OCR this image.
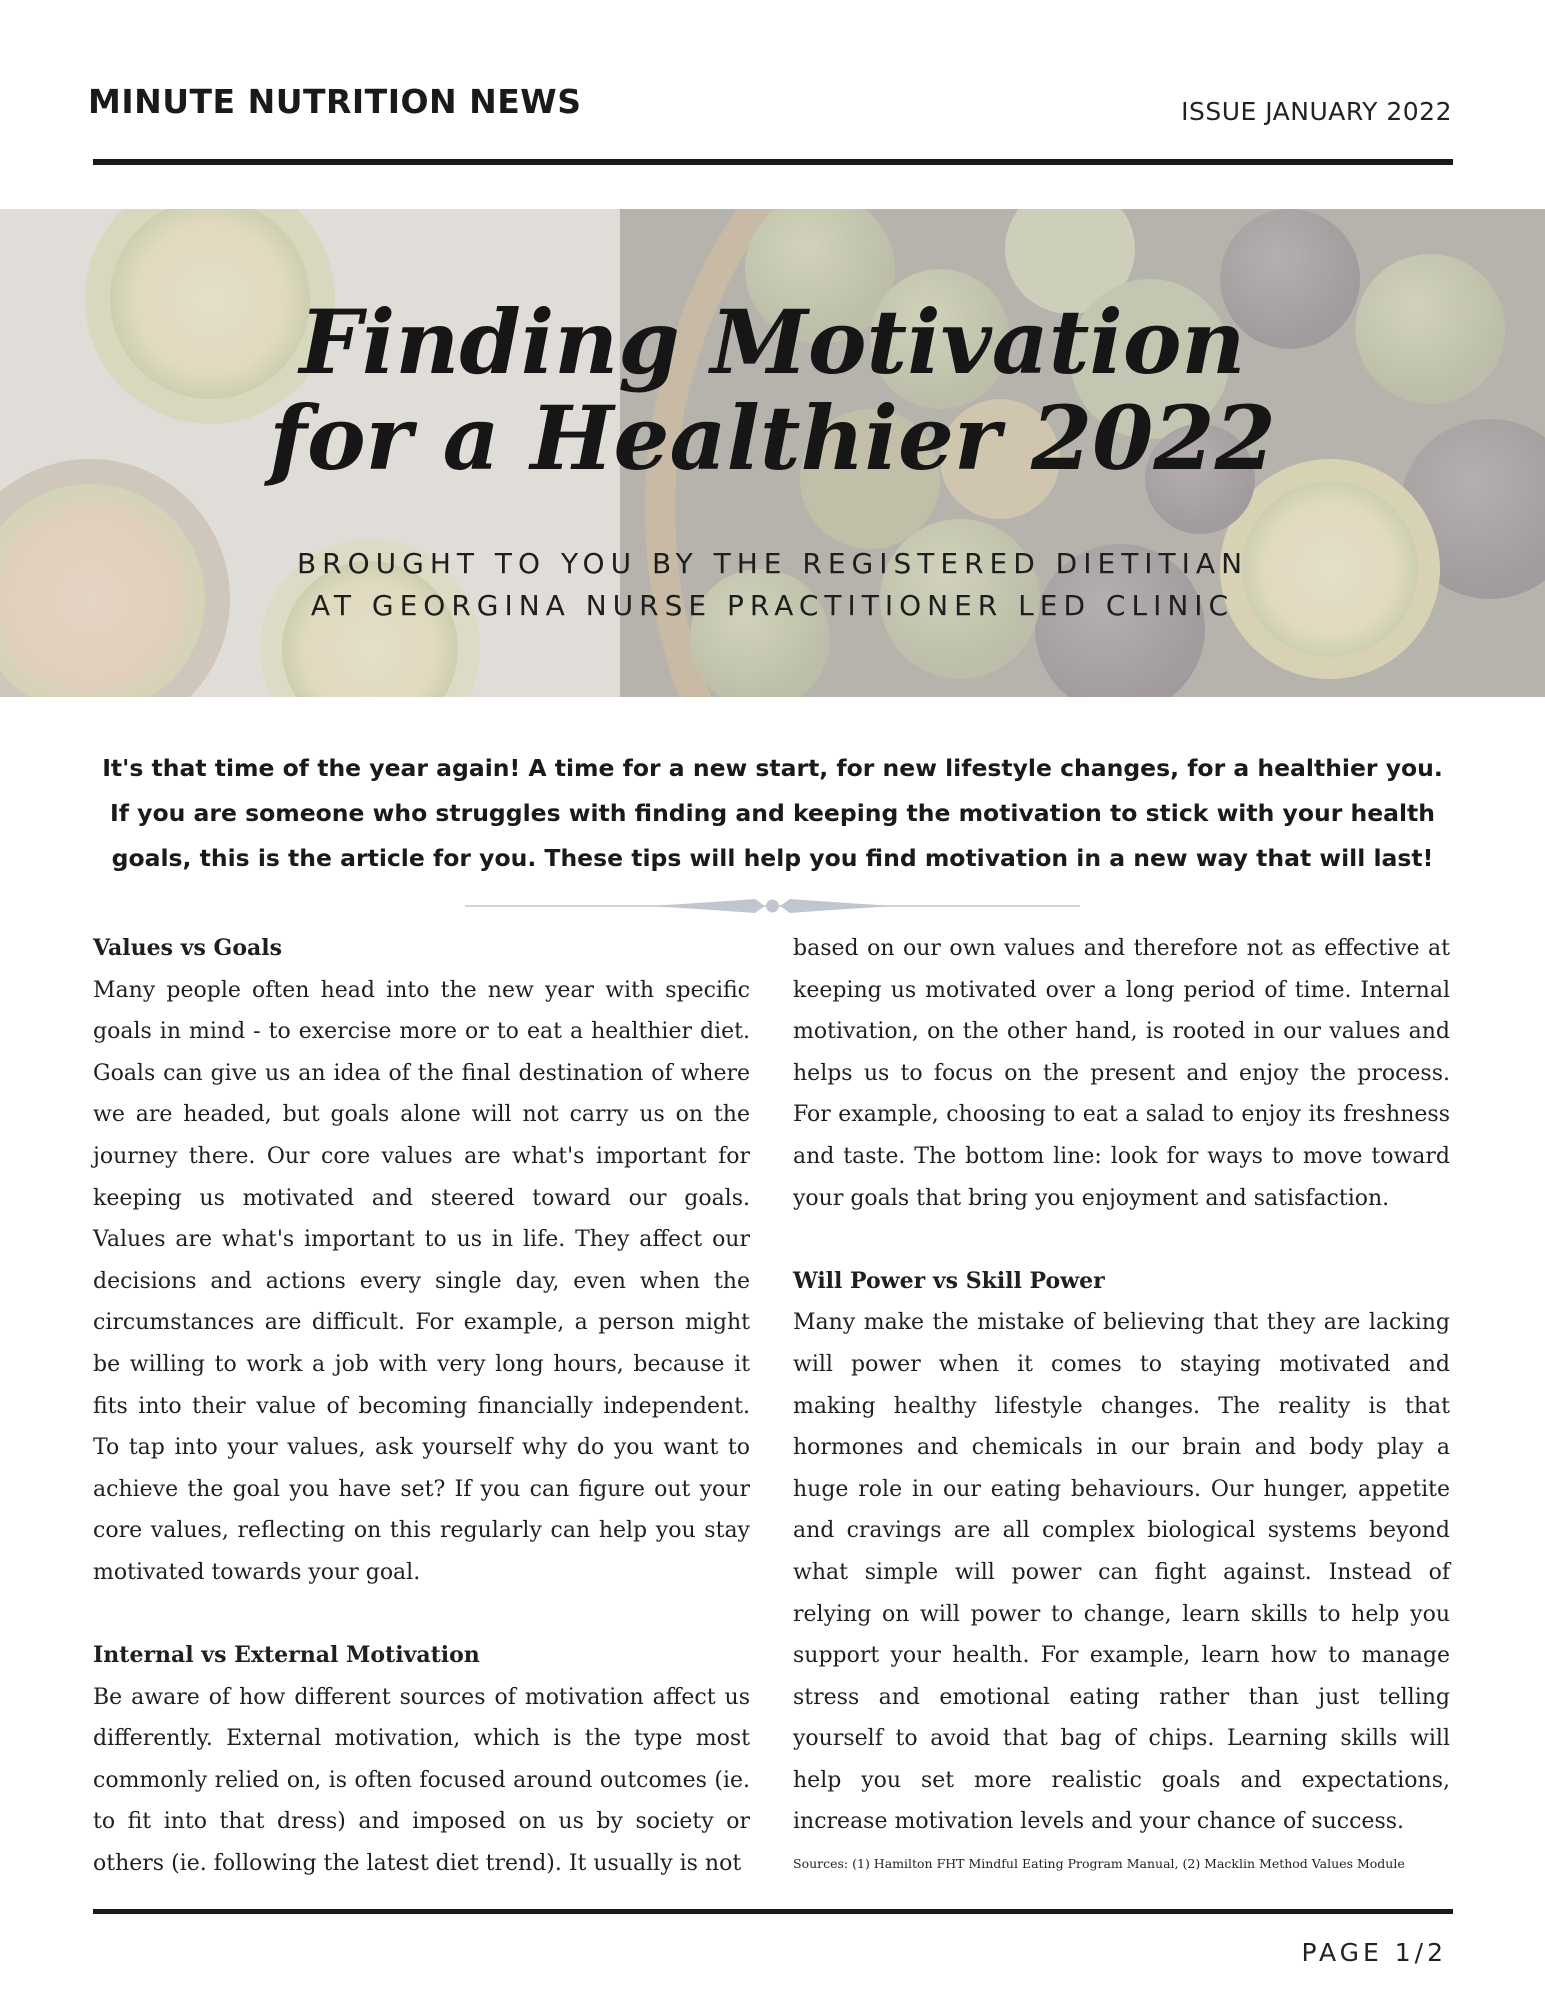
MINUTE NUTRITION NEWS	ISSUE JANUARY 2022
Finding Motivation
for a Healthier 2022
BROUGHT TO YOU BY THE REGISTERED DIETITIAN
AT GEORGINA NURSE PRACTITIONER LED CLINIC
It's that time of the year again! A time for a new start, for new lifestyle changes, for a healthier you. If you are someone who struggles with finding and keeping the motivation to stick with your health goals, this is the article for you. These tips will help you find motivation in a new way that will last!
Values vs Goals

Many people often head into the new year with specific goals in mind - to exercise more or to eat a healthier diet. Goals can give us an idea of the final destination of where we are headed, but goals alone will not carry us on the journey there. Our core values are what's important for keeping us motivated and steered toward our goals. Values are what's important to us in life. They affect our decisions and actions every single day, even when the circumstances are difficult. For example, a person might be willing to work a job with very long hours, because it fits into their value of becoming financially independent. To tap into your values, ask yourself why do you want to achieve the goal you have set? If you can figure out your core values, reflecting on this regularly can help you stay motivated towards your goal.

Internal vs External Motivation

Be aware of how different sources of motivation affect us differently. External motivation, which is the type most commonly relied on, is often focused around outcomes (ie. to fit into that dress) and imposed on us by society or others (ie. following the latest diet trend). It usually is not

based on our own values and therefore not as effective at keeping us motivated over a long period of time. Internal motivation, on the other hand, is rooted in our values and helps us to focus on the present and enjoy the process. For example, choosing to eat a salad to enjoy its freshness and taste. The bottom line: look for ways to move toward your goals that bring you enjoyment and satisfaction.

Will Power vs Skill Power

Many make the mistake of believing that they are lacking will power when it comes to staying motivated and making healthy lifestyle changes. The reality is that hormones and chemicals in our brain and body play a huge role in our eating behaviours. Our hunger, appetite and cravings are all complex biological systems beyond what simple will power can fight against. Instead of relying on will power to change, learn skills to help you support your health. For example, learn how to manage stress and emotional eating rather than just telling yourself to avoid that bag of chips. Learning skills will help you set more realistic goals and expectations, increase motivation levels and your chance of success.

Sources: (1) Hamilton FHT Mindful Eating Program Manual, (2) Macklin Method Values Module
PAGE 1/2
